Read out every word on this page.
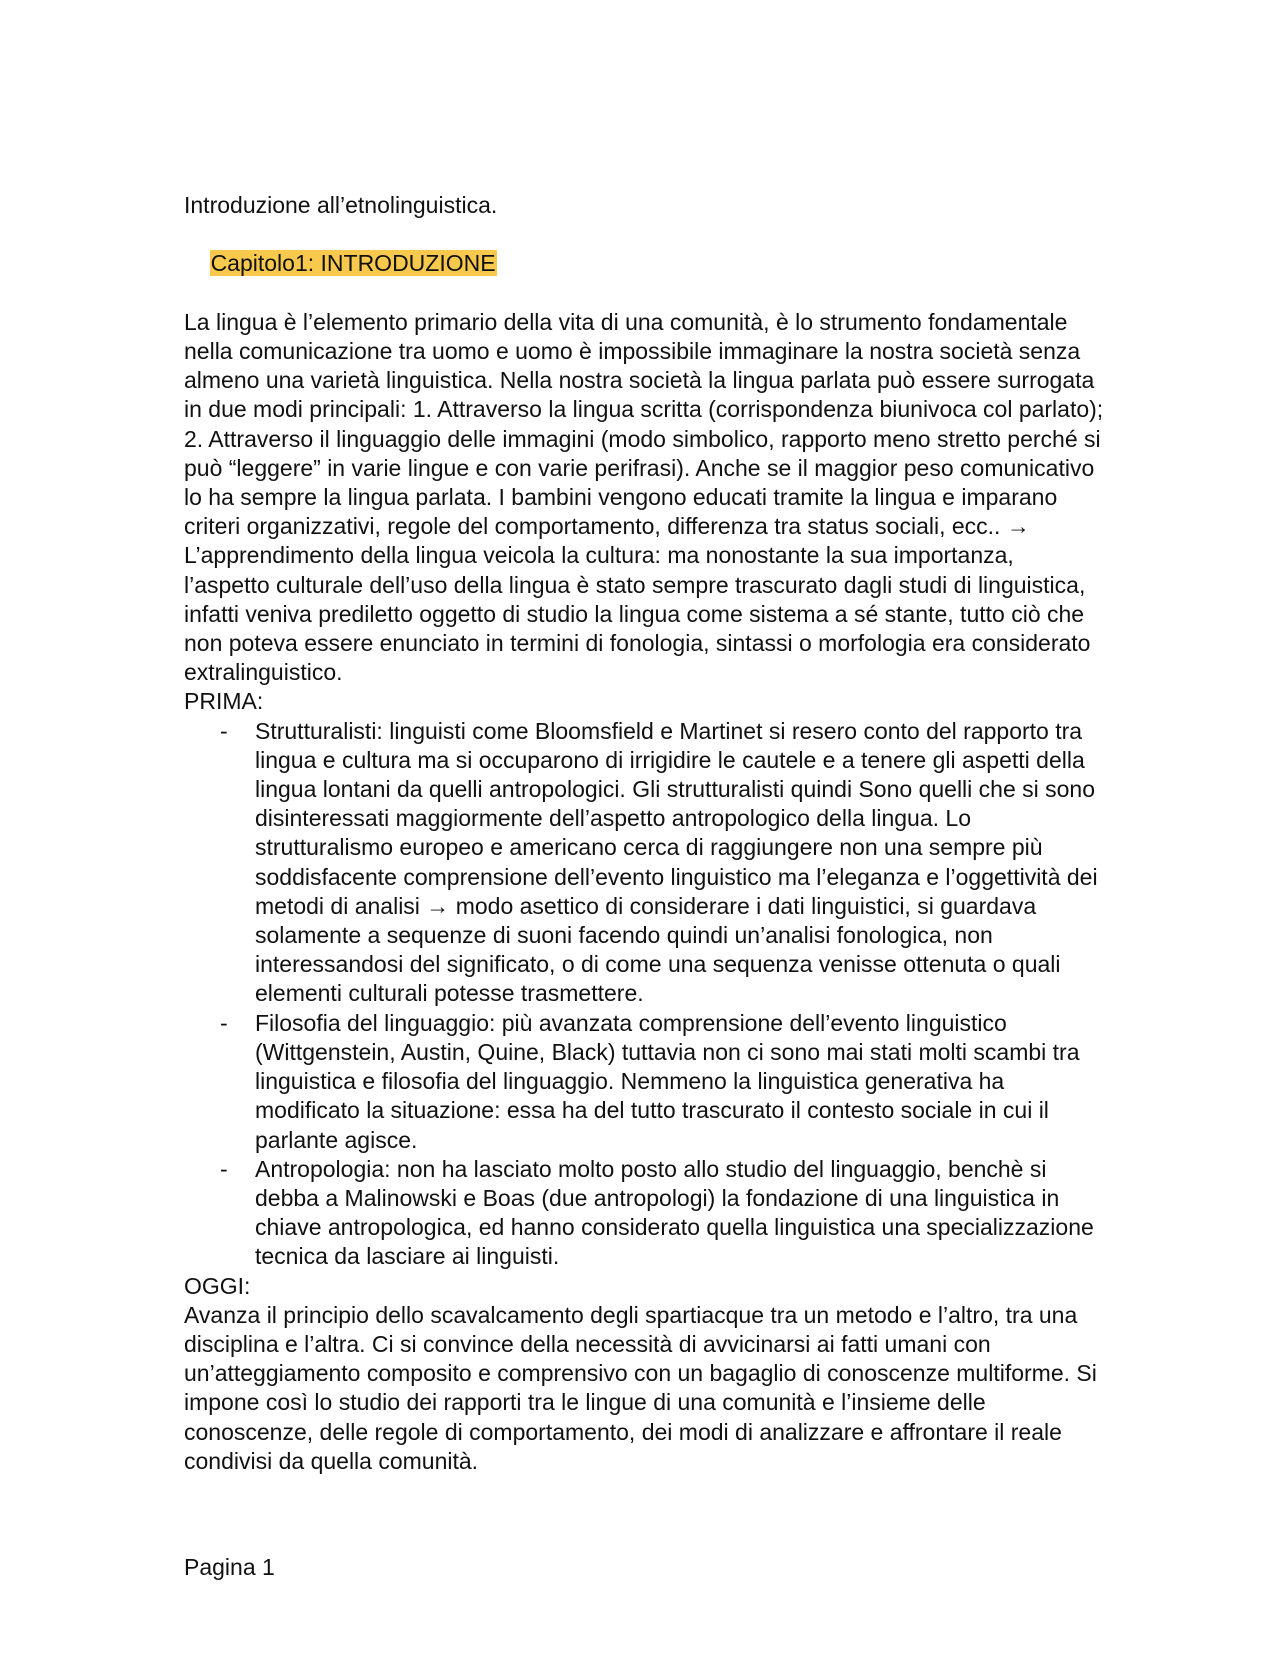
Introduzione all’etnolinguistica.

Capitolo1: INTRODUZIONE

La lingua è l’elemento primario della vita di una comunità, è lo strumento fondamentale nella comunicazione tra uomo e uomo è impossibile immaginare la nostra società senza almeno una varietà linguistica. Nella nostra società la lingua parlata può essere surrogata in due modi principali: 1. Attraverso la lingua scritta (corrispondenza biunivoca col parlato); 2. Attraverso il linguaggio delle immagini (modo simbolico, rapporto meno stretto perché si può “leggere” in varie lingue e con varie perifrasi). Anche se il maggior peso comunicativo lo ha sempre la lingua parlata. I bambini vengono educati tramite la lingua e imparano criteri organizzativi, regole del comportamento, differenza tra status sociali, ecc.. → L’apprendimento della lingua veicola la cultura: ma nonostante la sua importanza, l’aspetto culturale dell’uso della lingua è stato sempre trascurato dagli studi di linguistica, infatti veniva prediletto oggetto di studio la lingua come sistema a sé stante, tutto ciò che non poteva essere enunciato in termini di fonologia, sintassi o morfologia era considerato extralinguistico.

PRIMA:
- Strutturalisti: linguisti come Bloomsfield e Martinet si resero conto del rapporto tra lingua e cultura ma si occuparono di irrigidire le cautele e a tenere gli aspetti della lingua lontani da quelli antropologici. Gli strutturalisti quindi Sono quelli che si sono disinteressati maggiormente dell’aspetto antropologico della lingua. Lo strutturalismo europeo e americano cerca di raggiungere non una sempre più soddisfacente comprensione dell’evento linguistico ma l’eleganza e l’oggettività dei metodi di analisi → modo asettico di considerare i dati linguistici, si guardava solamente a sequenze di suoni facendo quindi un’analisi fonologica, non interessandosi del significato, o di come una sequenza venisse ottenuta o quali elementi culturali potesse trasmettere.
- Filosofia del linguaggio: più avanzata comprensione dell’evento linguistico (Wittgenstein, Austin, Quine, Black) tuttavia non ci sono mai stati molti scambi tra linguistica e filosofia del linguaggio. Nemmeno la linguistica generativa ha modificato la situazione: essa ha del tutto trascurato il contesto sociale in cui il parlante agisce.
- Antropologia: non ha lasciato molto posto allo studio del linguaggio, benchè si debba a Malinowski e Boas (due antropologi) la fondazione di una linguistica in chiave antropologica, ed hanno considerato quella linguistica una specializzazione tecnica da lasciare ai linguisti.
OGGI:

Avanza il principio dello scavalcamento degli spartiacque tra un metodo e l’altro, tra una disciplina e l’altra. Ci si convince della necessità di avvicinarsi ai fatti umani con un’atteggiamento composito e comprensivo con un bagaglio di conoscenze multiforme. Si impone così lo studio dei rapporti tra le lingue di una comunità e l’insieme delle conoscenze, delle regole di comportamento, dei modi di analizzare e affrontare il reale condivisi da quella comunità.

Pagina 1
